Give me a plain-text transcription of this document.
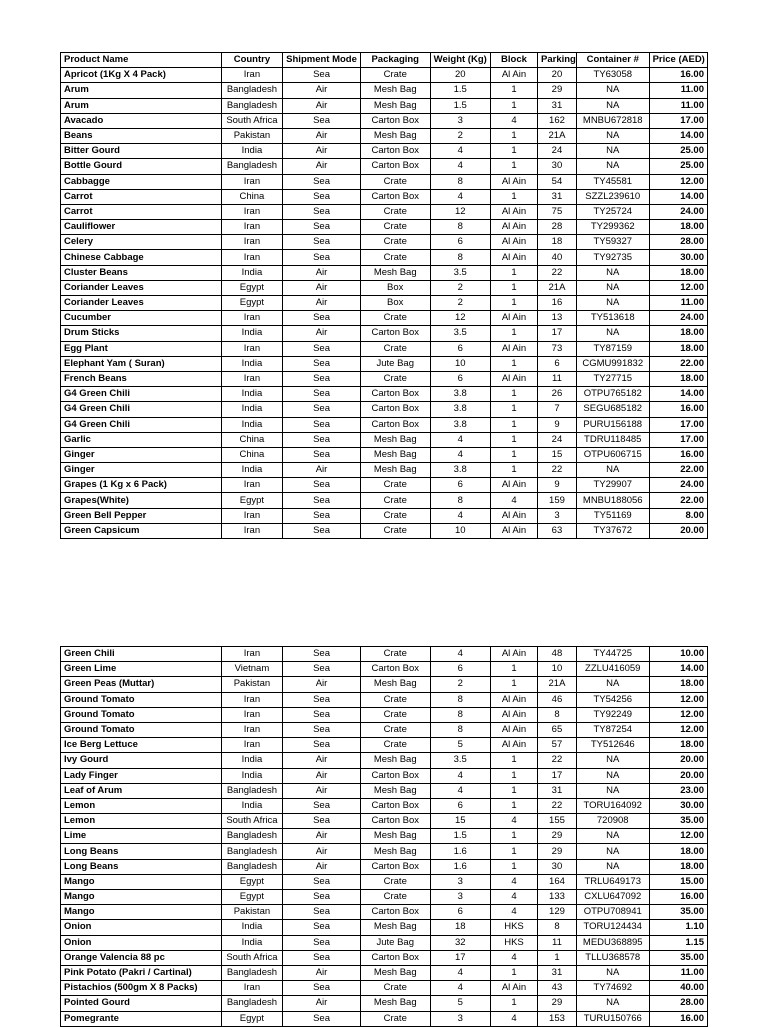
Product Name	Country	Shipment Mode	Packaging	Weight (Kg)	Block	Parking	Container #	Price (AED)
Apricot (1Kg X 4 Pack)	Iran	Sea	Crate	20	Al Ain	20	TY63058	16.00
Arum	Bangladesh	Air	Mesh Bag	1.5	1	29	NA	11.00
Arum	Bangladesh	Air	Mesh Bag	1.5	1	31	NA	11.00
Avacado	South Africa	Sea	Carton Box	3	4	162	MNBU672818	17.00
Beans	Pakistan	Air	Mesh Bag	2	1	21A	NA	14.00
Bitter Gourd	India	Air	Carton Box	4	1	24	NA	25.00
Bottle Gourd	Bangladesh	Air	Carton Box	4	1	30	NA	25.00
Cabbagge	Iran	Sea	Crate	8	Al Ain	54	TY45581	12.00
Carrot	China	Sea	Carton Box	4	1	31	SZZL239610	14.00
Carrot	Iran	Sea	Crate	12	Al Ain	75	TY25724	24.00
Cauliflower	Iran	Sea	Crate	8	Al Ain	28	TY299362	18.00
Celery	Iran	Sea	Crate	6	Al Ain	18	TY59327	28.00
Chinese Cabbage	Iran	Sea	Crate	8	Al Ain	40	TY92735	30.00
Cluster Beans	India	Air	Mesh Bag	3.5	1	22	NA	18.00
Coriander Leaves	Egypt	Air	Box	2	1	21A	NA	12.00
Coriander Leaves	Egypt	Air	Box	2	1	16	NA	11.00
Cucumber	Iran	Sea	Crate	12	Al Ain	13	TY513618	24.00
Drum Sticks	India	Air	Carton Box	3.5	1	17	NA	18.00
Egg Plant	Iran	Sea	Crate	6	Al Ain	73	TY87159	18.00
Elephant Yam ( Suran)	India	Sea	Jute Bag	10	1	6	CGMU991832	22.00
French Beans	Iran	Sea	Crate	6	Al Ain	11	TY27715	18.00
G4 Green Chili	India	Sea	Carton Box	3.8	1	26	OTPU765182	14.00
G4 Green Chili	India	Sea	Carton Box	3.8	1	7	SEGU685182	16.00
G4 Green Chili	India	Sea	Carton Box	3.8	1	9	PURU156188	17.00
Garlic	China	Sea	Mesh Bag	4	1	24	TDRU118485	17.00
Ginger	China	Sea	Mesh Bag	4	1	15	OTPU606715	16.00
Ginger	India	Air	Mesh Bag	3.8	1	22	NA	22.00
Grapes (1 Kg x 6 Pack)	Iran	Sea	Crate	6	Al Ain	9	TY29907	24.00
Grapes(White)	Egypt	Sea	Crate	8	4	159	MNBU188056	22.00
Green Bell Pepper	Iran	Sea	Crate	4	Al Ain	3	TY51169	8.00
Green Capsicum	Iran	Sea	Crate	10	Al Ain	63	TY37672	20.00
Green Chili	Iran	Sea	Crate	4	Al Ain	48	TY44725	10.00
Green Lime	Vietnam	Sea	Carton Box	6	1	10	ZZLU416059	14.00
Green Peas (Muttar)	Pakistan	Air	Mesh Bag	2	1	21A	NA	18.00
Ground Tomato	Iran	Sea	Crate	8	Al Ain	46	TY54256	12.00
Ground Tomato	Iran	Sea	Crate	8	Al Ain	8	TY92249	12.00
Ground Tomato	Iran	Sea	Crate	8	Al Ain	65	TY87254	12.00
Ice Berg Lettuce	Iran	Sea	Crate	5	Al Ain	57	TY512646	18.00
Ivy Gourd	India	Air	Mesh Bag	3.5	1	22	NA	20.00
Lady Finger	India	Air	Carton Box	4	1	17	NA	20.00
Leaf of Arum	Bangladesh	Air	Mesh Bag	4	1	31	NA	23.00
Lemon	India	Sea	Carton Box	6	1	22	TORU164092	30.00
Lemon	South Africa	Sea	Carton Box	15	4	155	720908	35.00
Lime	Bangladesh	Air	Mesh Bag	1.5	1	29	NA	12.00
Long Beans	Bangladesh	Air	Mesh Bag	1.6	1	29	NA	18.00
Long Beans	Bangladesh	Air	Carton Box	1.6	1	30	NA	18.00
Mango	Egypt	Sea	Crate	3	4	164	TRLU649173	15.00
Mango	Egypt	Sea	Crate	3	4	133	CXLU647092	16.00
Mango	Pakistan	Sea	Carton Box	6	4	129	OTPU708941	35.00
Onion	India	Sea	Mesh Bag	18	HKS	8	TORU124434	1.10
Onion	India	Sea	Jute Bag	32	HKS	11	MEDU368895	1.15
Orange Valencia 88 pc	South Africa	Sea	Carton Box	17	4	1	TLLU368578	35.00
Pink Potato (Pakri / Cartinal)	Bangladesh	Air	Mesh Bag	4	1	31	NA	11.00
Pistachios (500gm X 8 Packs)	Iran	Sea	Crate	4	Al Ain	43	TY74692	40.00
Pointed Gourd	Bangladesh	Air	Mesh Bag	5	1	29	NA	28.00
Pomegrante	Egypt	Sea	Crate	3	4	153	TURU150766	16.00
